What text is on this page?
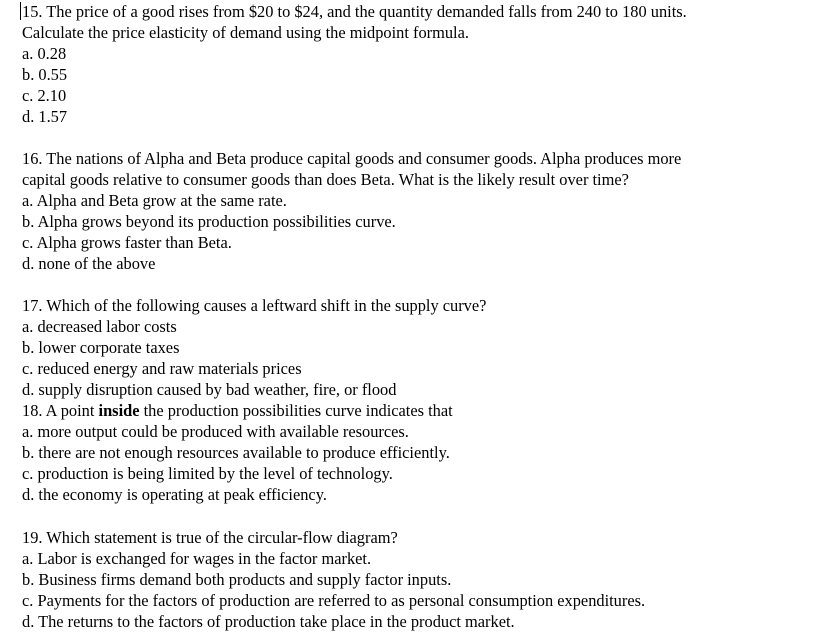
15. The price of a good rises from $20 to $24, and the quantity demanded falls from 240 to 180 units.
Calculate the price elasticity of demand using the midpoint formula.
a. 0.28
b. 0.55
c. 2.10
d. 1.57
16. The nations of Alpha and Beta produce capital goods and consumer goods. Alpha produces more
capital goods relative to consumer goods than does Beta. What is the likely result over time?
a. Alpha and Beta grow at the same rate.
b. Alpha grows beyond its production possibilities curve.
c. Alpha grows faster than Beta.
d. none of the above
17. Which of the following causes a leftward shift in the supply curve?
a. decreased labor costs
b. lower corporate taxes
c. reduced energy and raw materials prices
d. supply disruption caused by bad weather, fire, or flood
18. A point inside the production possibilities curve indicates that
a. more output could be produced with available resources.
b. there are not enough resources available to produce efficiently.
c. production is being limited by the level of technology.
d. the economy is operating at peak efficiency.
19. Which statement is true of the circular-flow diagram?
a. Labor is exchanged for wages in the factor market.
b. Business firms demand both products and supply factor inputs.
c. Payments for the factors of production are referred to as personal consumption expenditures.
d. The returns to the factors of production take place in the product market.
